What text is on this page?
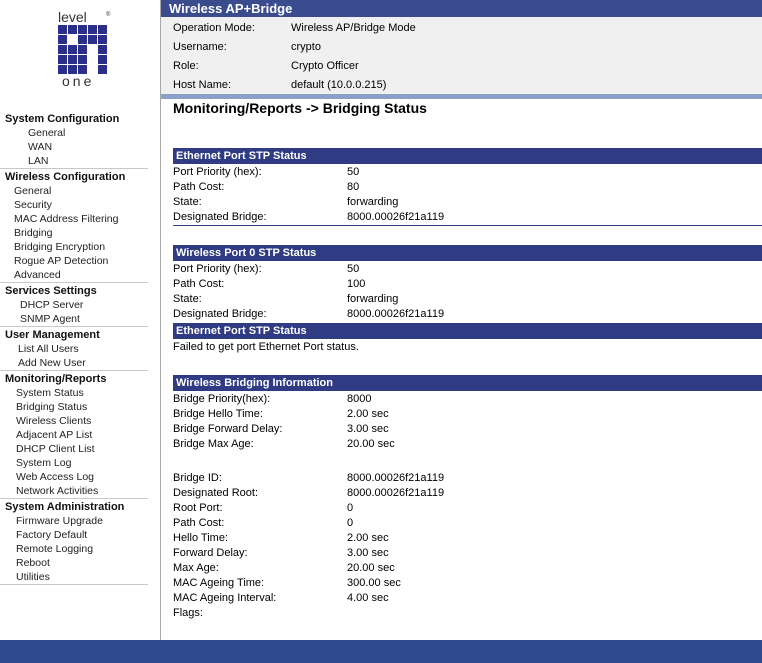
level	®
one
System Configuration
General
WAN
LAN
Wireless Configuration
General
Security
MAC Address Filtering
Bridging
Bridging Encryption
Rogue AP Detection
Advanced
Services Settings
DHCP Server
SNMP Agent
User Management
List All Users
Add New User
Monitoring/Reports
System Status
Bridging Status
Wireless Clients
Adjacent AP List
DHCP Client List
System Log
Web Access Log
Network Activities
System Administration
Firmware Upgrade
Factory Default
Remote Logging
Reboot
Utilities
Wireless AP+Bridge
Operation Mode:	Wireless AP/Bridge Mode
Username:	crypto
Role:	Crypto Officer
Host Name:	default (10.0.0.215)
Monitoring/Reports -> Bridging Status
Ethernet Port STP Status
Port Priority (hex):	50
Path Cost:	80
State:	forwarding
Designated Bridge:	8000.00026f21a119
Wireless Port 0 STP Status
Port Priority (hex):	50
Path Cost:	100
State:	forwarding
Designated Bridge:	8000.00026f21a119
Ethernet Port STP Status
Failed to get port Ethernet Port status.
Wireless Bridging Information
Bridge Priority(hex):	8000
Bridge Hello Time:	2.00 sec
Bridge Forward Delay:	3.00 sec
Bridge Max Age:	20.00 sec
Bridge ID:	8000.00026f21a119
Designated Root:	8000.00026f21a119
Root Port:	0
Path Cost:	0
Hello Time:	2.00 sec
Forward Delay:	3.00 sec
Max Age:	20.00 sec
MAC Ageing Time:	300.00 sec
MAC Ageing Interval:	4.00 sec
Flags:
